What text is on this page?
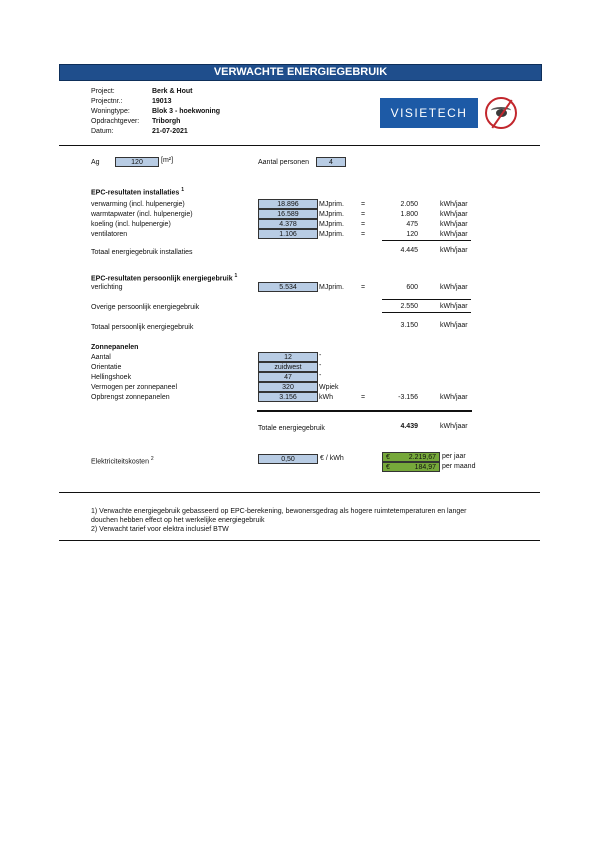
VERWACHTE ENERGIEGEBRUIK
Project:	Berk & Hout
Projectnr.:	19013
Woningtype:	Blok 3 - hoekwoning
Opdrachtgever: Triborgh
Datum:	21-07-2021
VISIETECH
Ag	120	[m²]	Aantal personen	4
EPC-resultaten installaties $^1$
verwarming (incl. hulpenergie)	18.896	MJprim. =	2.050	kWh/jaar
warmtapwater (incl. hulpenergie)	16.589	MJprim. =	1.800	kWh/jaar
koeling (incl. hulpenergie)	4.378	MJprim. =	475	kWh/jaar
ventilatoren	1.106	MJprim. =	120	kWh/jaar
Totaal energiegebruik installaties	4.445	kWh/jaar
EPC-resultaten persoonlijk energiegebruik $^1$
verlichting	5.534	MJprim. =	600	kWh/jaar
Overige persoonlijk energiegebruik	2.550	kWh/jaar
Totaal persoonlijk energiegebruik	3.150	kWh/jaar
Zonnepanelen
Aantal	12	-
Orientatie	zuidwest	-
Hellingshoek	47	-
Vermogen per zonnepaneel	320	Wpiek
Opbrengst zonnepanelen	3.156	kWh	=	-3.156	kWh/jaar
Totale energiegebruik	4.439	kWh/jaar
Elektriciteitskosten $^2$	0,50	€ / kWh	€	2.219,67 per jaar
€	184,97 per maand
1) Verwachte energiegebruik gebasseerd op EPC-berekening, bewonersgedrag als hogere ruimtetemperaturen en langer douchen hebben effect op het werkelijke energiegebruik
2) Verwacht tarief voor elektra inclusief BTW
